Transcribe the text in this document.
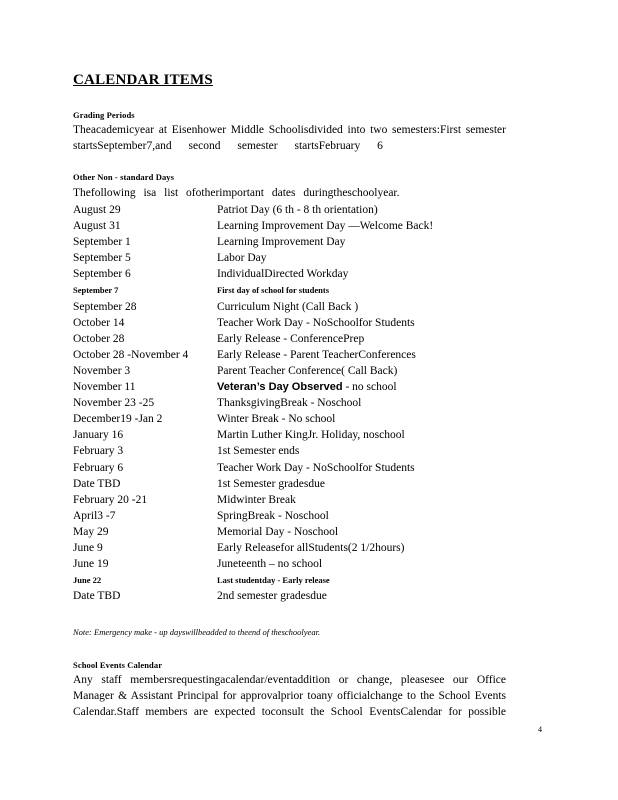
CALENDAR ITEMS
Grading Periods
Theacademicyear at Eisenhower Middle Schoolisdivided into two semesters:First semester
startsSeptember7,and second semester startsFebruary 6
Other Non - standard Days
Thefollowing isa list ofotherimportant dates duringtheschoolyear.
August 29	Patriot Day (6 th - 8 th orientation)
August 31	Learning Improvement Day —Welcome Back!
September 1	Learning Improvement Day
September 5	Labor Day
September 6	IndividualDirected Workday
September 7	First day of school for students
September 28	Curriculum Night (Call Back )
October 14	Teacher Work Day - NoSchoolfor Students
October 28	Early Release - ConferencePrep
October 28 -November 4 Early Release - Parent TeacherConferences
November 3	Parent Teacher Conference( Call Back)
November 11	Veteran’s Day Observed - no school
November 23 -25	ThanksgivingBreak - Noschool
December19 -Jan 2	Winter Break - No school
January 16	Martin Luther KingJr. Holiday, noschool
February 3	1st Semester ends
February 6	Teacher Work Day - NoSchoolfor Students
Date TBD	1st Semester gradesdue
February 20 -21	Midwinter Break
April3 -7	SpringBreak - Noschool
May 29	Memorial Day - Noschool
June 9	Early Releasefor allStudents(2 1/2hours)
June 19	Juneteenth – no school
June 22	Last studentday - Early release
Date TBD	2nd semester gradesdue
Note: Emergency make - up dayswillbeadded to theend of theschoolyear.
School Events Calendar
Any staff membersrequestingacalendar/eventaddition or change, pleasesee our Office
Manager & Assistant Principal for approvalprior toany officialchange to the School Events
Calendar.Staff members are expected toconsult the School EventsCalendar for possible
4
